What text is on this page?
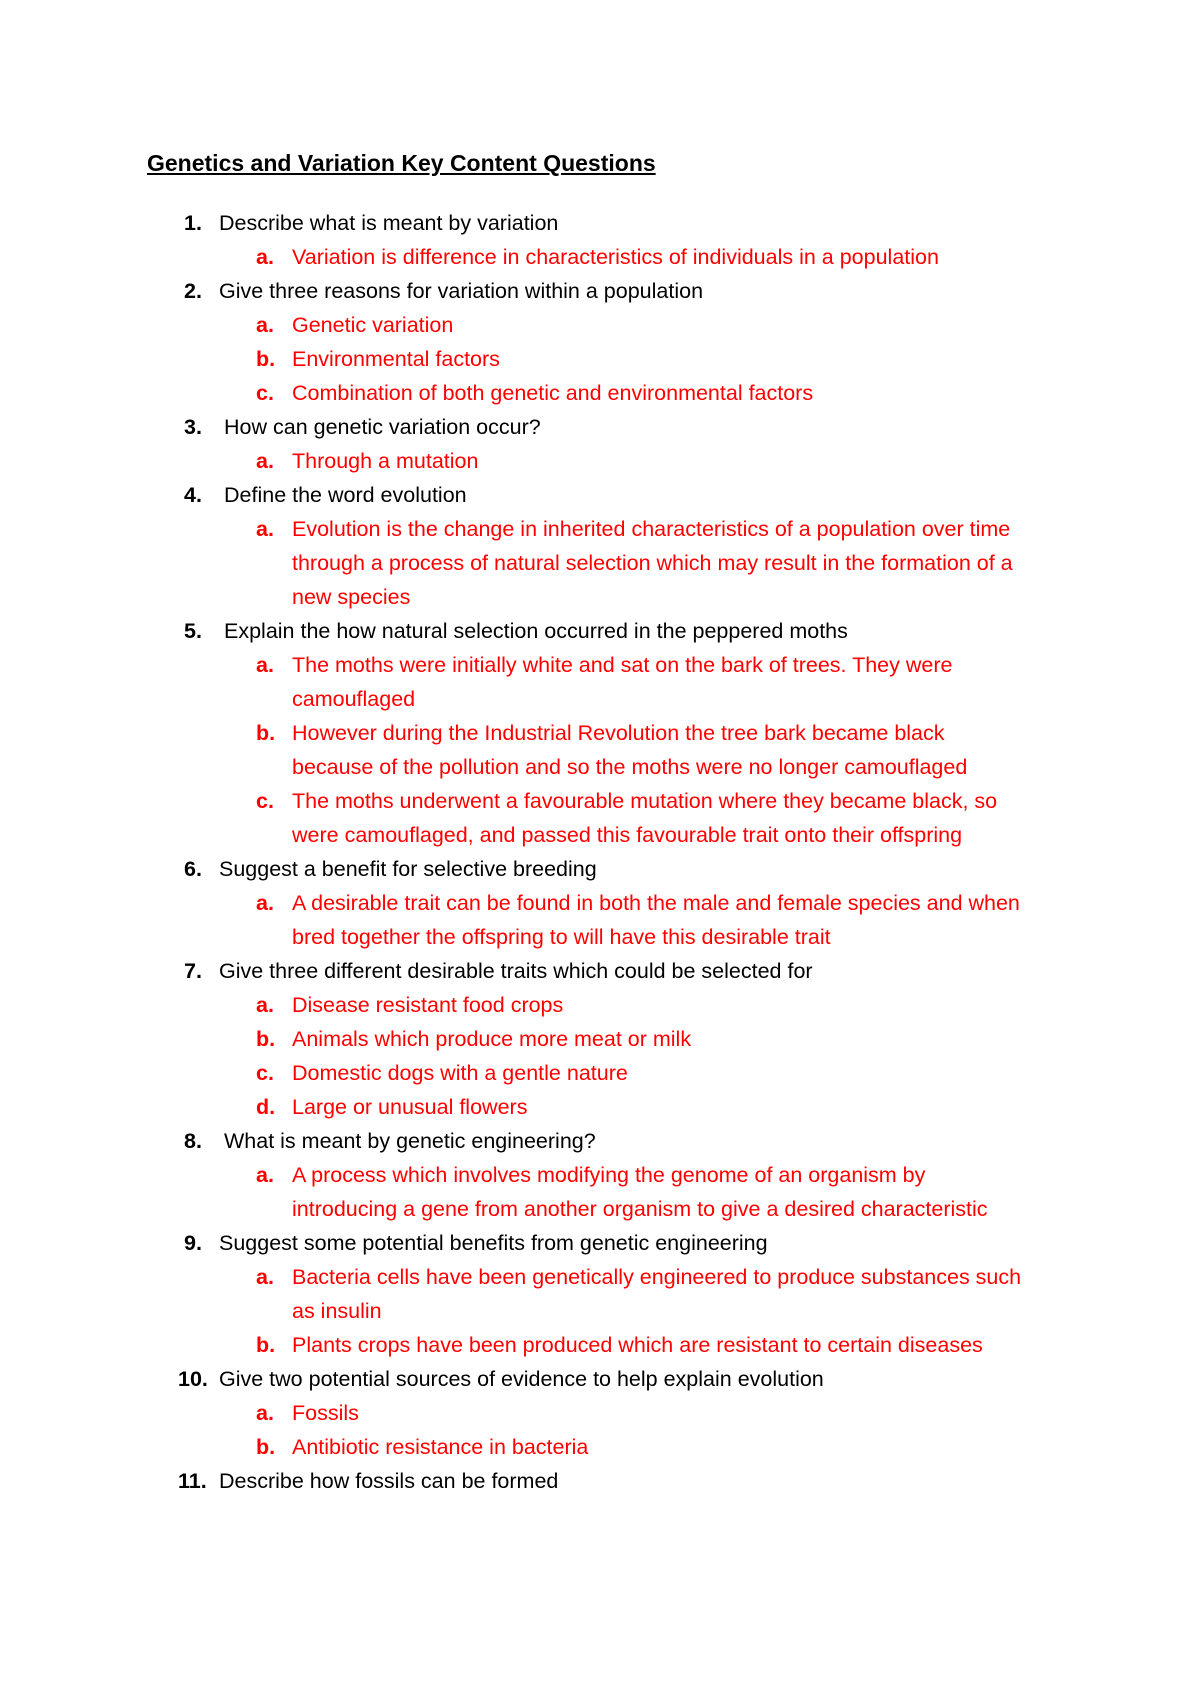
Genetics and Variation Key Content Questions
1. Describe what is meant by variation
a. Variation is difference in characteristics of individuals in a population
2. Give three reasons for variation within a population
a. Genetic variation
b. Environmental factors
c. Combination of both genetic and environmental factors
3. How can genetic variation occur?
a. Through a mutation
4. Define the word evolution
a. Evolution is the change in inherited characteristics of a population over time
through a process of natural selection which may result in the formation of a
new species
5. Explain the how natural selection occurred in the peppered moths
a. The moths were initially white and sat on the bark of trees. They were
camouflaged
b. However during the Industrial Revolution the tree bark became black
because of the pollution and so the moths were no longer camouflaged
c. The moths underwent a favourable mutation where they became black, so
were camouflaged, and passed this favourable trait onto their offspring
6. Suggest a benefit for selective breeding
a. A desirable trait can be found in both the male and female species and when
bred together the offspring to will have this desirable trait
7. Give three different desirable traits which could be selected for
a. Disease resistant food crops
b. Animals which produce more meat or milk
c. Domestic dogs with a gentle nature
d. Large or unusual flowers
8. What is meant by genetic engineering?
a. A process which involves modifying the genome of an organism by
introducing a gene from another organism to give a desired characteristic
9. Suggest some potential benefits from genetic engineering
a. Bacteria cells have been genetically engineered to produce substances such
as insulin
b. Plants crops have been produced which are resistant to certain diseases
10. Give two potential sources of evidence to help explain evolution
a. Fossils
b. Antibiotic resistance in bacteria
11. Describe how fossils can be formed
